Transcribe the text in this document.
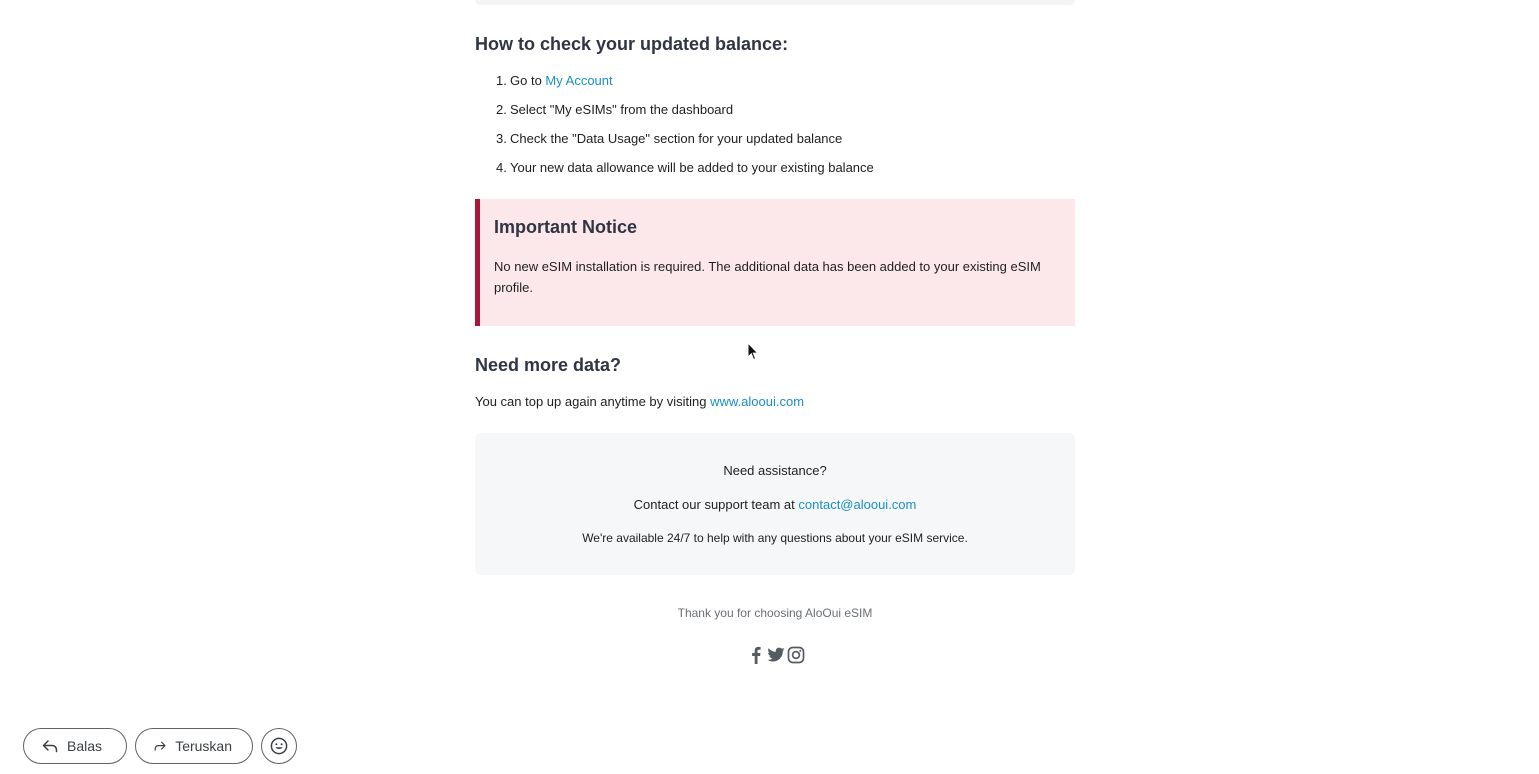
How to check your updated balance:
1. Go to My Account
2. Select "My eSIMs" from the dashboard
3. Check the "Data Usage" section for your updated balance
4. Your new data allowance will be added to your existing balance
Important Notice

No new eSIM installation is required. The additional data has been added to your existing eSIM profile.

Need more data?

You can top up again anytime by visiting www.alooui.com

Need assistance?

Contact our support team at contact@alooui.com

We're available 24/7 to help with any questions about your eSIM service.

Thank you for choosing AloOui eSIM

Balas	Teruskan
